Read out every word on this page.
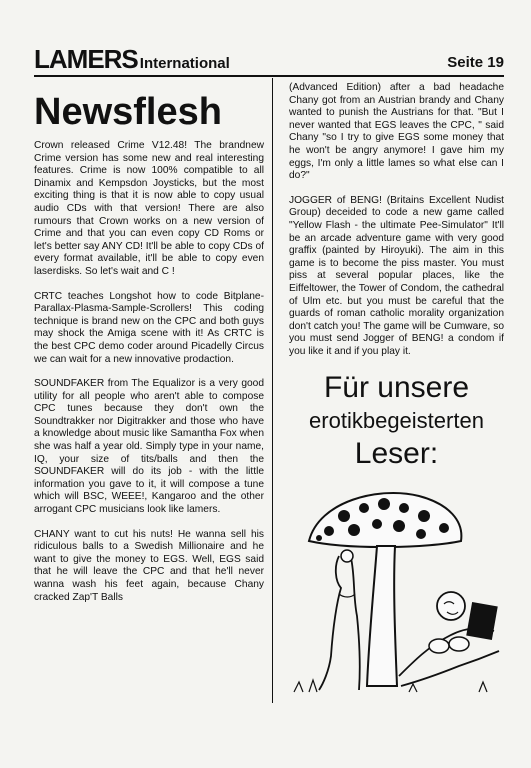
LAMERS International	Seite 19
Newsflesh

Crown released Crime V12.48! The brandnew Crime version has some new and real interesting features. Crime is now 100% compatible to all Dinamix and Kempsdon Joysticks, but the most exciting thing is that it is now able to copy usual audio CDs with that version! There are also rumours that Crown works on a new version of Crime and that you can even copy CD Roms or let's better say ANY CD! It'll be able to copy CDs of every format available, it'll be able to copy even laserdisks. So let's wait and C !

CRTC teaches Longshot how to code Bitplane-Parallax-Plasma-Sample-Scrollers! This coding technique is brand new on the CPC and both guys may shock the Amiga scene with it! As CRTC is the best CPC demo coder around Picadelly Circus we can wait for a new innovative prodaction.

SOUNDFAKER from The Equalizor is a very good utility for all people who aren't able to compose CPC tunes because they don't own the Soundtrakker nor Digitrakker and those who have a knowledge about music like Samantha Fox when she was half a year old. Simply type in your name, IQ, your size of tits/balls and then the SOUNDFAKER will do its job - with the little information you gave to it, it will compose a tune which will BSC, WEEE!, Kangaroo and the other arrogant CPC musicians look like lamers.

CHANY want to cut his nuts! He wanna sell his ridiculous balls to a Swedish Millionaire and he want to give the money to EGS. Well, EGS said that he will leave the CPC and that he'll never wanna wash his feet again, because Chany cracked Zap'T Balls

(Advanced Edition) after a bad headache Chany got from an Austrian brandy and Chany wanted to punish the Austrians for that. "But I never wanted that EGS leaves the CPC, " said Chany "so I try to give EGS some money that he won't be angry anymore! I gave him my eggs, I'm only a little lames so what else can I do?"

JOGGER of BENG! (Britains Excellent Nudist Group) deceided to code a new game called "Yellow Flash - the ultimate Pee-Simulator" It'll be an arcade adventure game with very good graffix (painted by Hiroyuki). The aim in this game is to become the piss master. You must piss at several popular places, like the Eiffeltower, the Tower of Condom, the cathedral of Ulm etc. but you must be careful that the guards of roman catholic morality organization don't catch you! The game will be Cumware, so you must send Jogger of BENG! a condom if you like it and if you play it.

Für unsere
erotikbegeisterten
Leser:
